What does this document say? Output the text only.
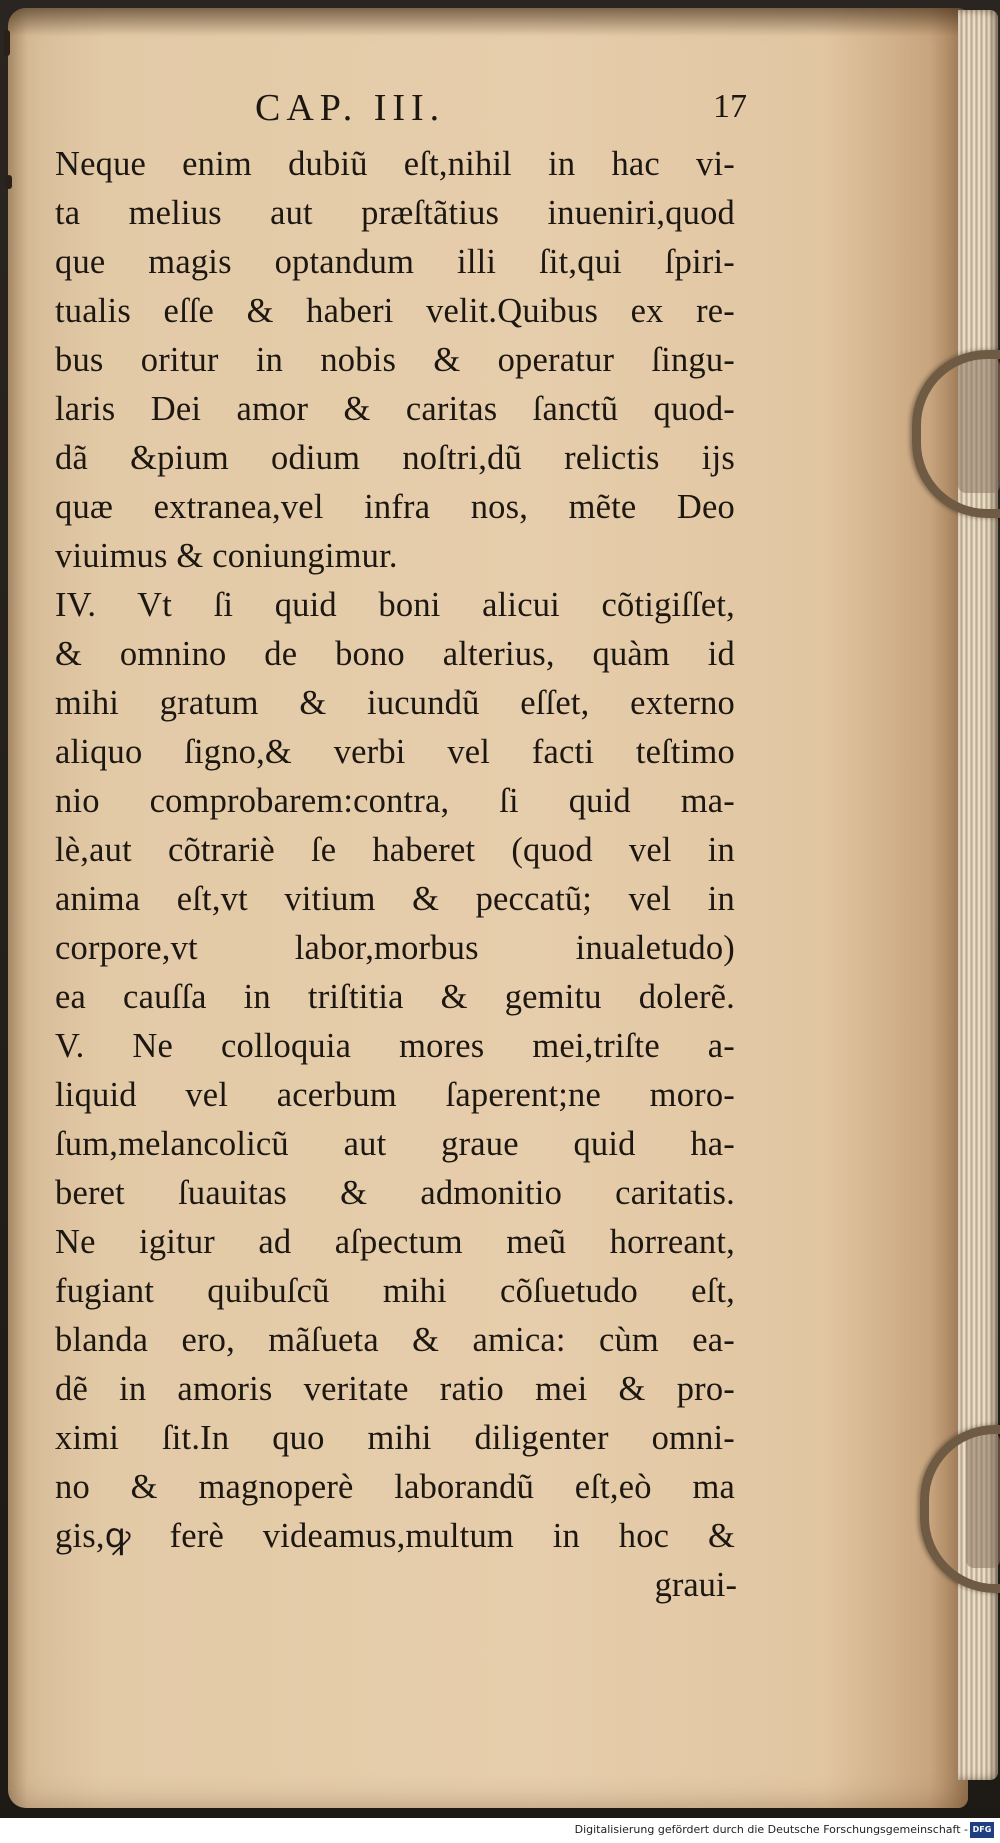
CAP. III.	17
Neque enim dubiũ eſt,nihil in hac vi-
ta melius aut præſtãtius inueniri,quod
que magis optandum illi ſit,qui ſpiri-
tualis eſſe & haberi velit.Quibus ex re-
bus oritur in nobis & operatur ſingu-
laris Dei amor & caritas ſanctũ quod-
dã &pium odium noſtri,dũ relictis ijs
quæ extranea,vel infra nos, mẽte Deo
viuimus & coniungimur.
IV. Vt ſi quid boni alicui cõtigiſſet,
& omnino de bono alterius, quàm id
mihi gratum & iucundũ eſſet, externo
aliquo ſigno,& verbi vel facti teſtimo
nio comprobarem:contra, ſi quid ma-
lè,aut cõtrariè ſe haberet (quod vel in
anima eſt,vt vitium & peccatũ; vel in
corpore,vt labor,morbus inualetudo)
ea cauſſa in triſtitia & gemitu dolerẽ.
V. Ne colloquia mores mei,triſte a-
liquid vel acerbum ſaperent;ne moro-
ſum,melancolicũ aut graue quid ha-
beret ſuauitas & admonitio caritatis.
Ne igitur ad aſpectum meũ horreant,
fugiant quibuſcũ mihi cõſuetudo eſt,
blanda ero, mãſueta & amica: cùm ea-
dẽ in amoris veritate ratio mei & pro-
ximi ſit.In quo mihi diligenter omni-
no & magnoperè laborandũ eſt,eò ma
gis,ꝙ ferè videamus,multum in hoc &
graui-
Digitalisierung gefördert durch die Deutsche Forschungsgemeinschaft - DFG
